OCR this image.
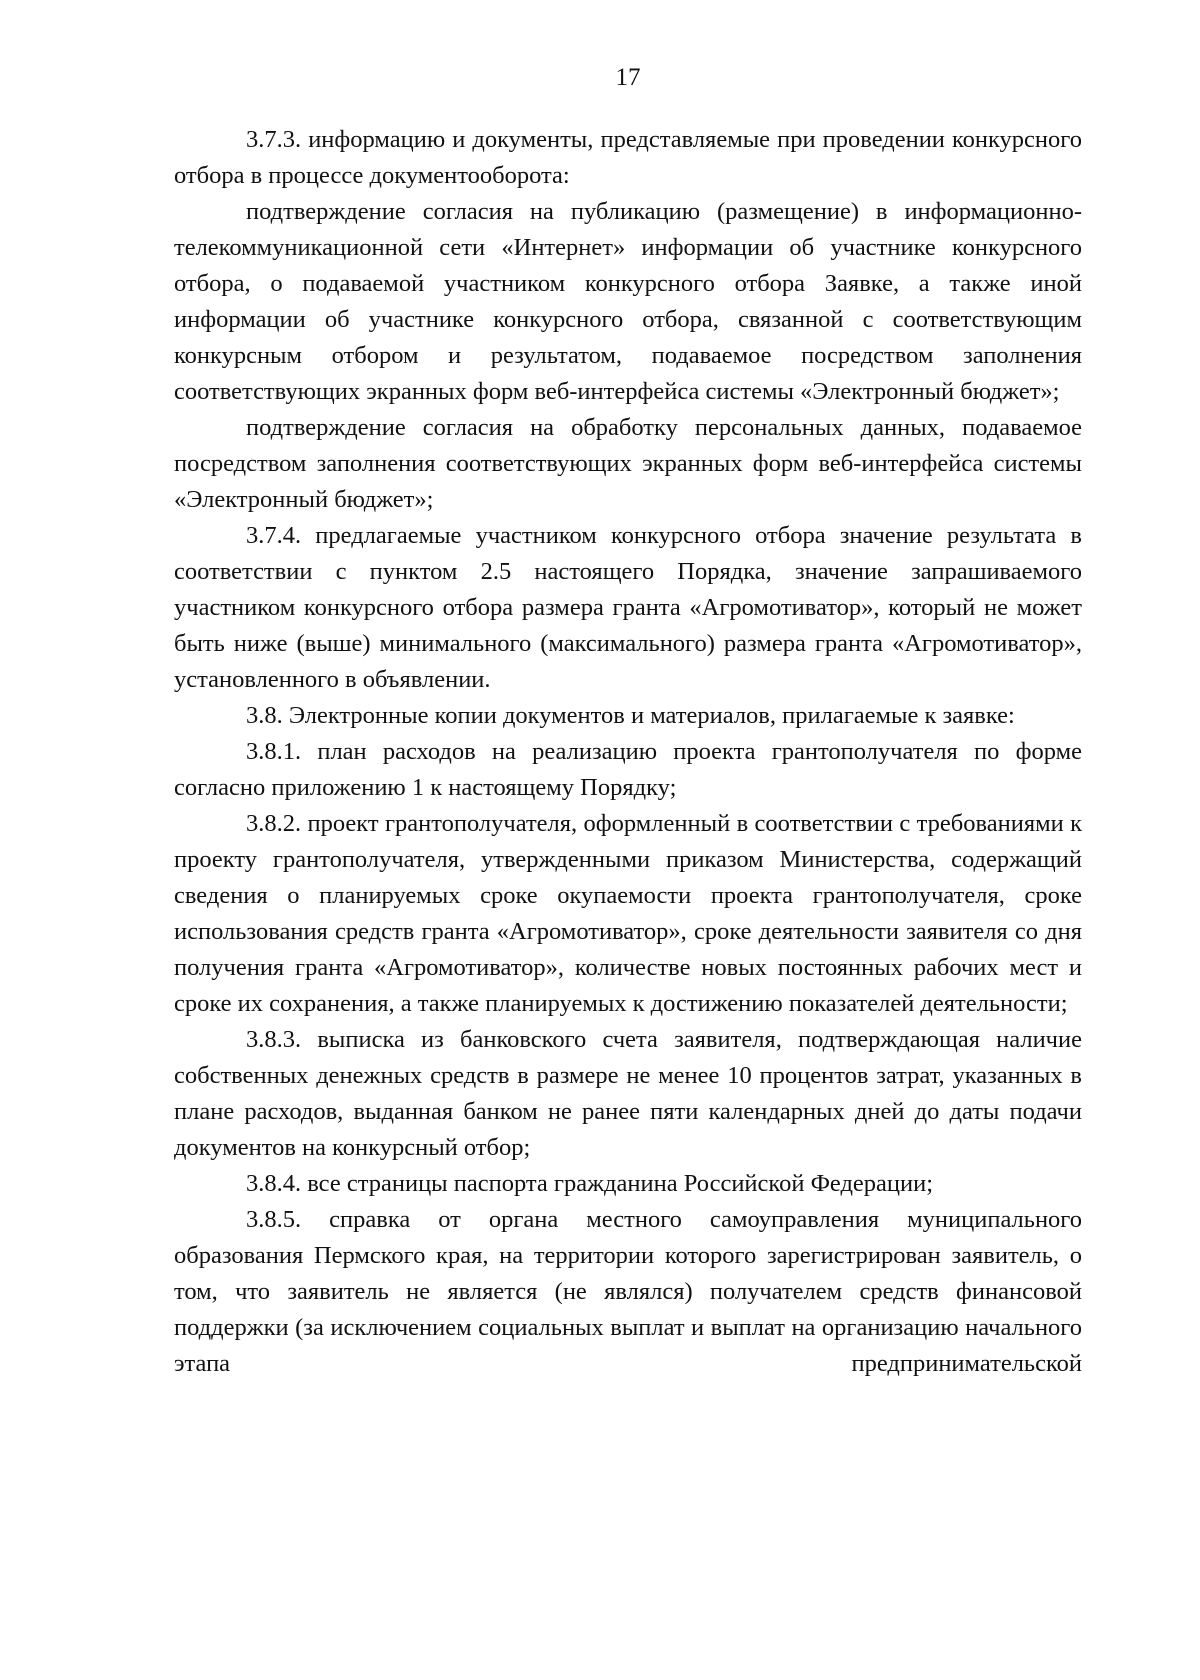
17

3.7.3. информацию и документы, представляемые при проведении конкурсного отбора в процессе документооборота:

подтверждение согласия на публикацию (размещение) в информационно-телекоммуникационной сети «Интернет» информации об участнике конкурсного отбора, о подаваемой участником конкурсного отбора Заявке, а также иной информации об участнике конкурсного отбора, связанной с соответствующим конкурсным отбором и результатом, подаваемое посредством заполнения соответствующих экранных форм веб-интерфейса системы «Электронный бюджет»;

подтверждение согласия на обработку персональных данных, подаваемое посредством заполнения соответствующих экранных форм веб-интерфейса системы «Электронный бюджет»;

3.7.4. предлагаемые участником конкурсного отбора значение результата в соответствии с пунктом 2.5 настоящего Порядка, значение запрашиваемого участником конкурсного отбора размера гранта «Агромотиватор», который не может быть ниже (выше) минимального (максимального) размера гранта «Агромотиватор», установленного в объявлении.

3.8. Электронные копии документов и материалов, прилагаемые к заявке:

3.8.1. план расходов на реализацию проекта грантополучателя по форме согласно приложению 1 к настоящему Порядку;

3.8.2. проект грантополучателя, оформленный в соответствии с требованиями к проекту грантополучателя, утвержденными приказом Министерства, содержащий сведения о планируемых сроке окупаемости проекта грантополучателя, сроке использования средств гранта «Агромотиватор», сроке деятельности заявителя со дня получения гранта «Агромотиватор», количестве новых постоянных рабочих мест и сроке их сохранения, а также планируемых к достижению показателей деятельности;

3.8.3. выписка из банковского счета заявителя, подтверждающая наличие собственных денежных средств в размере не менее 10 процентов затрат, указанных в плане расходов, выданная банком не ранее пяти календарных дней до даты подачи документов на конкурсный отбор;

3.8.4. все страницы паспорта гражданина Российской Федерации;

3.8.5. справка от органа местного самоуправления муниципального образования Пермского края, на территории которого зарегистрирован заявитель, о том, что заявитель не является (не являлся) получателем средств финансовой поддержки (за исключением социальных выплат и выплат на организацию начального этапа предпринимательской
